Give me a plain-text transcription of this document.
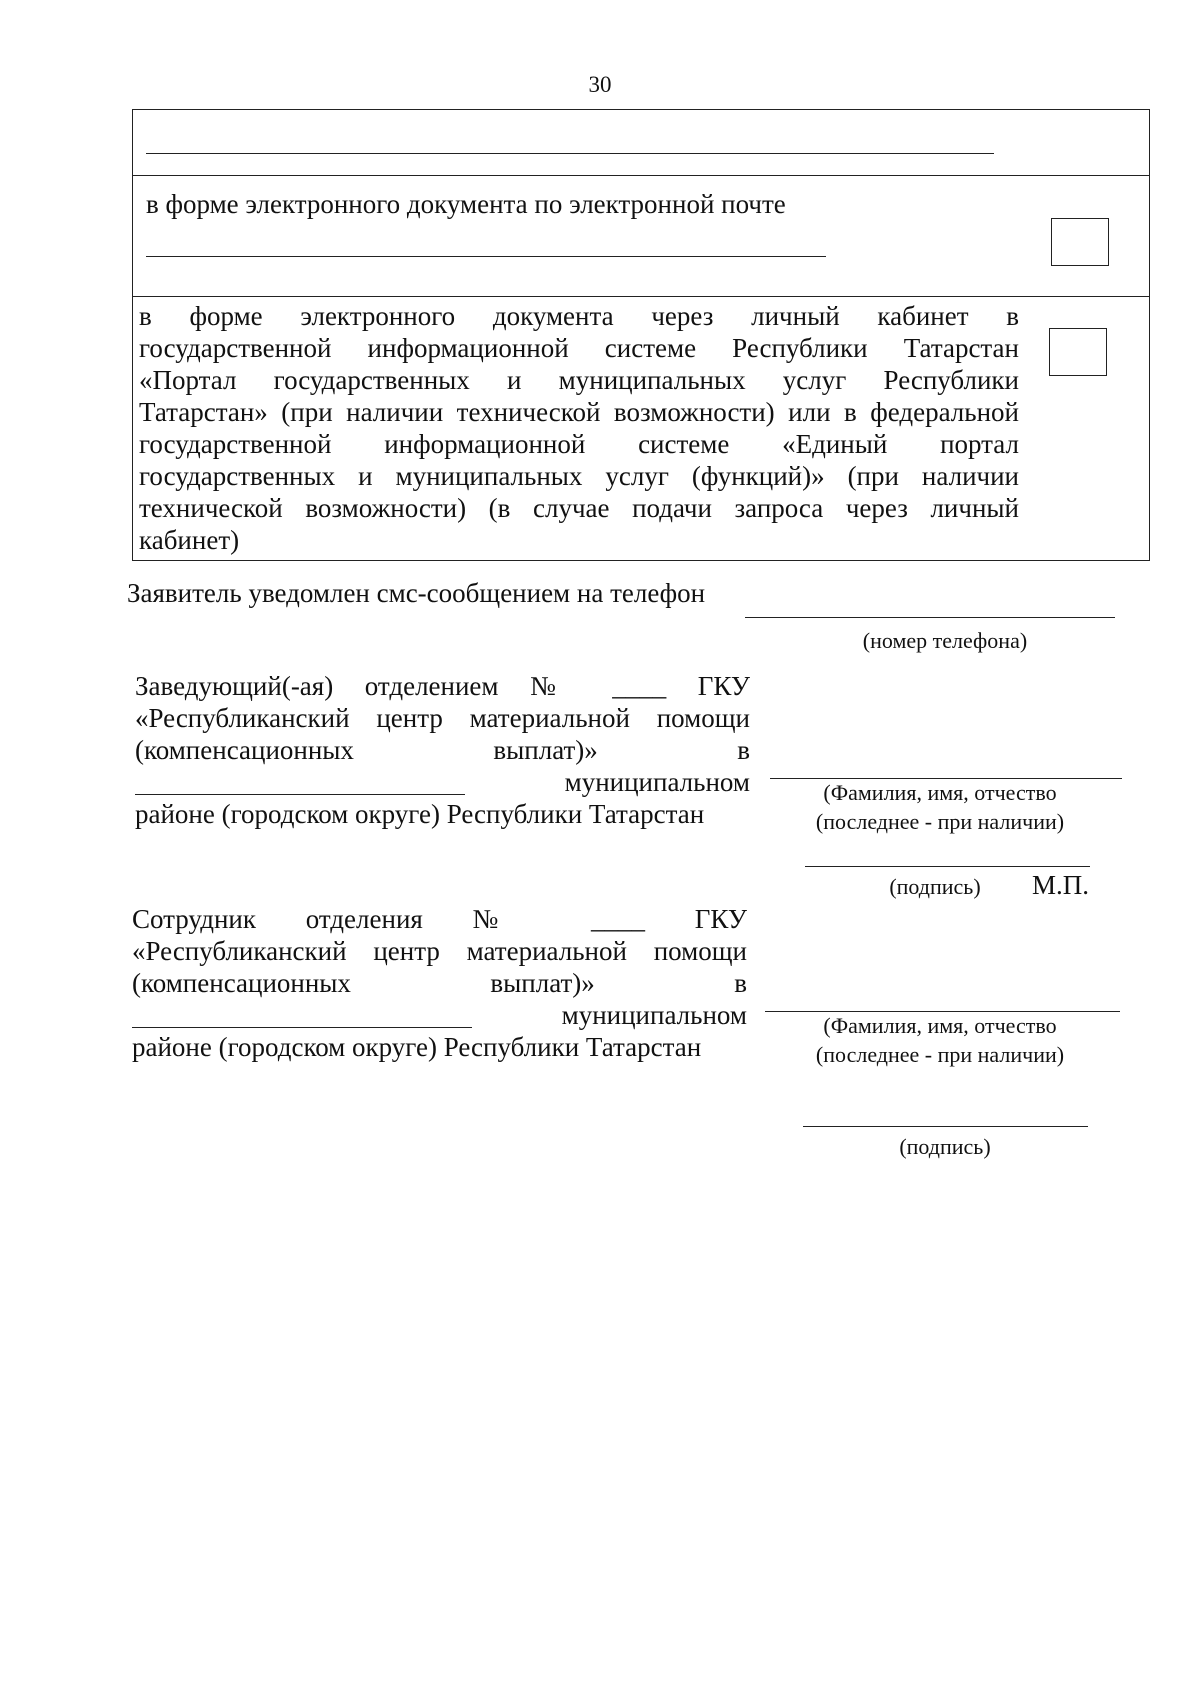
30
в форме электронного документа по электронной почте
в форме электронного документа через личный кабинет в
государственной информационной системе Республики Татарстан
«Портал государственных и муниципальных услуг Республики
Татарстан» (при наличии технической возможности) или в федеральной
государственной информационной системе «Единый портал
государственных и муниципальных услуг (функций)» (при наличии
технической возможности) (в случае подачи запроса через личный
кабинет)
Заявитель уведомлен смс-сообщением на телефон
(номер телефона)
Заведующий(-ая) отделением № ____ ГКУ
«Республиканский центр материальной помощи
(компенсационных выплат)» в
муниципальном
районе (городском округе) Республики Татарстан
(Фамилия, имя, отчество
(последнее - при наличии)
(подпись)	М.П.
Сотрудник отделения № ____ ГКУ
«Республиканский центр материальной помощи
(компенсационных выплат)» в
муниципальном
районе (городском округе) Республики Татарстан
(Фамилия, имя, отчество
(последнее - при наличии)
(подпись)
